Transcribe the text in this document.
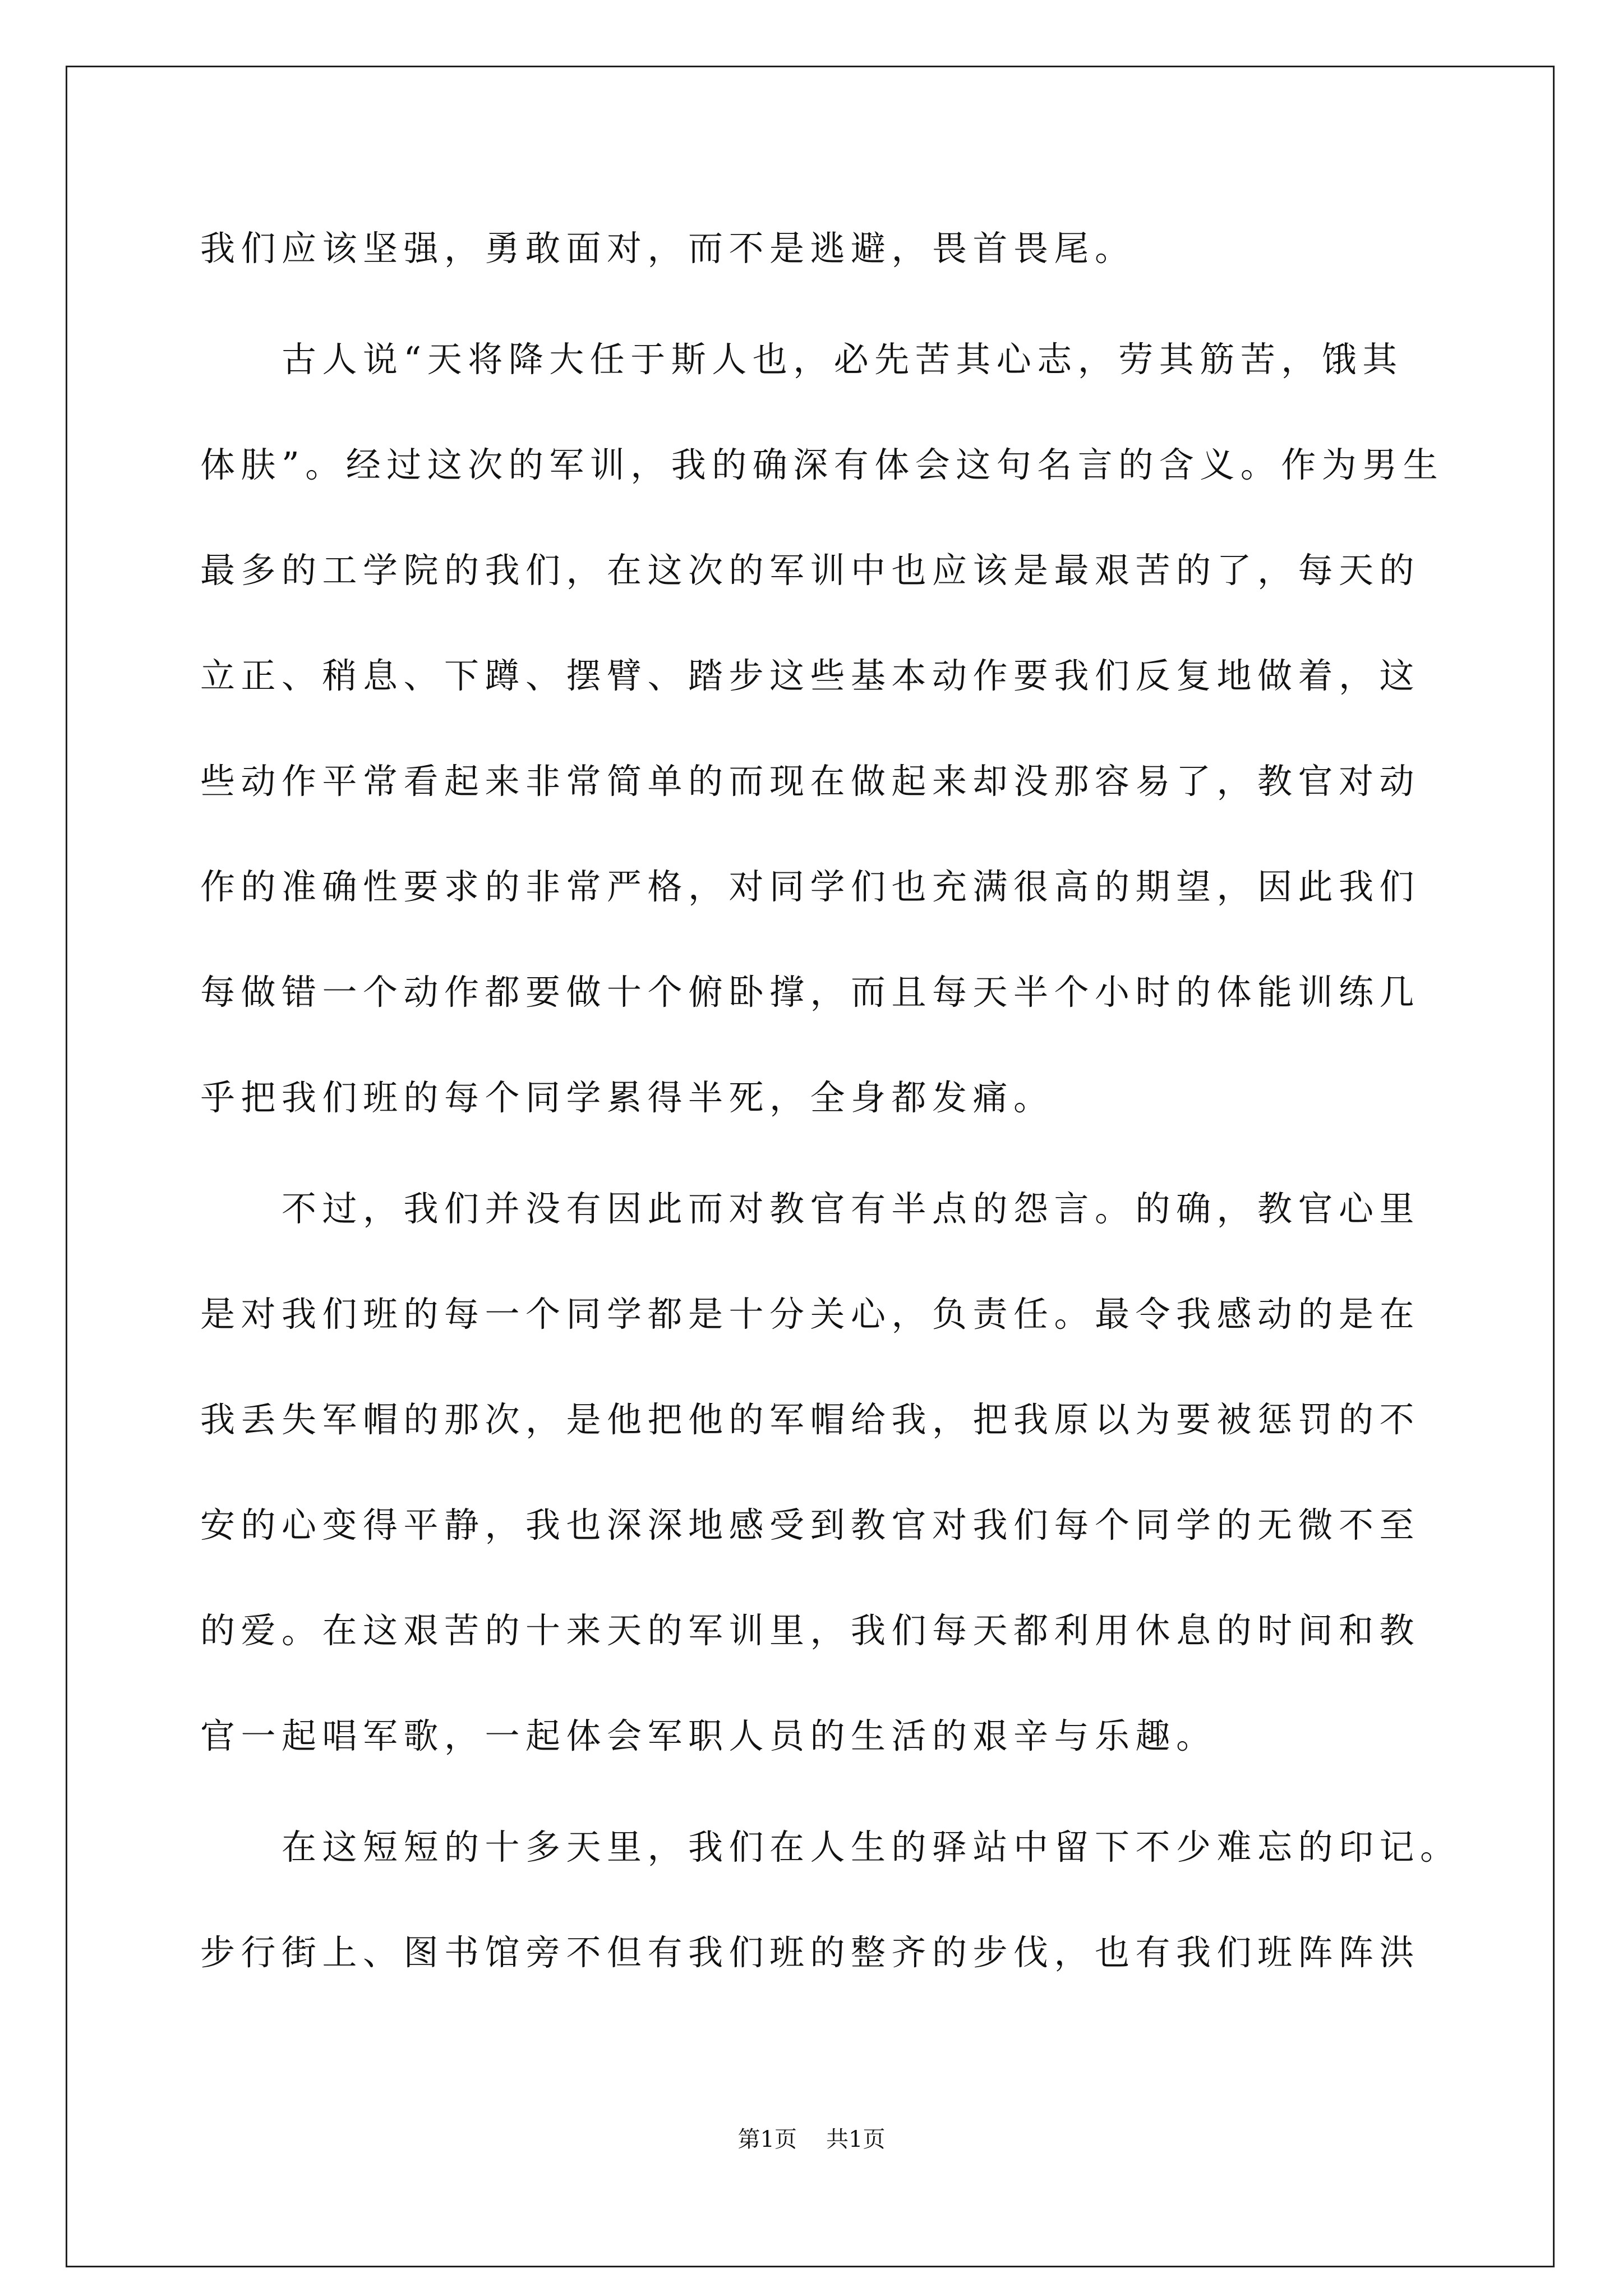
我们应该坚强，勇敢面对，而不是逃避，畏首畏尾。
古人说“天将降大任于斯人也，必先苦其心志，劳其筋苦，饿其
体肤”。经过这次的军训，我的确深有体会这句名言的含义。作为男生
最多的工学院的我们，在这次的军训中也应该是最艰苦的了，每天的
立正、稍息、下蹲、摆臂、踏步这些基本动作要我们反复地做着，这
些动作平常看起来非常简单的而现在做起来却没那容易了，教官对动
作的准确性要求的非常严格，对同学们也充满很高的期望，因此我们
每做错一个动作都要做十个俯卧撑，而且每天半个小时的体能训练几
乎把我们班的每个同学累得半死，全身都发痛。
不过，我们并没有因此而对教官有半点的怨言。的确，教官心里
是对我们班的每一个同学都是十分关心，负责任。最令我感动的是在
我丢失军帽的那次，是他把他的军帽给我，把我原以为要被惩罚的不
安的心变得平静，我也深深地感受到教官对我们每个同学的无微不至
的爱。在这艰苦的十来天的军训里，我们每天都利用休息的时间和教
官一起唱军歌，一起体会军职人员的生活的艰辛与乐趣。
在这短短的十多天里，我们在人生的驿站中留下不少难忘的印记。
步行街上、图书馆旁不但有我们班的整齐的步伐，也有我们班阵阵洪
第1页 共1页
